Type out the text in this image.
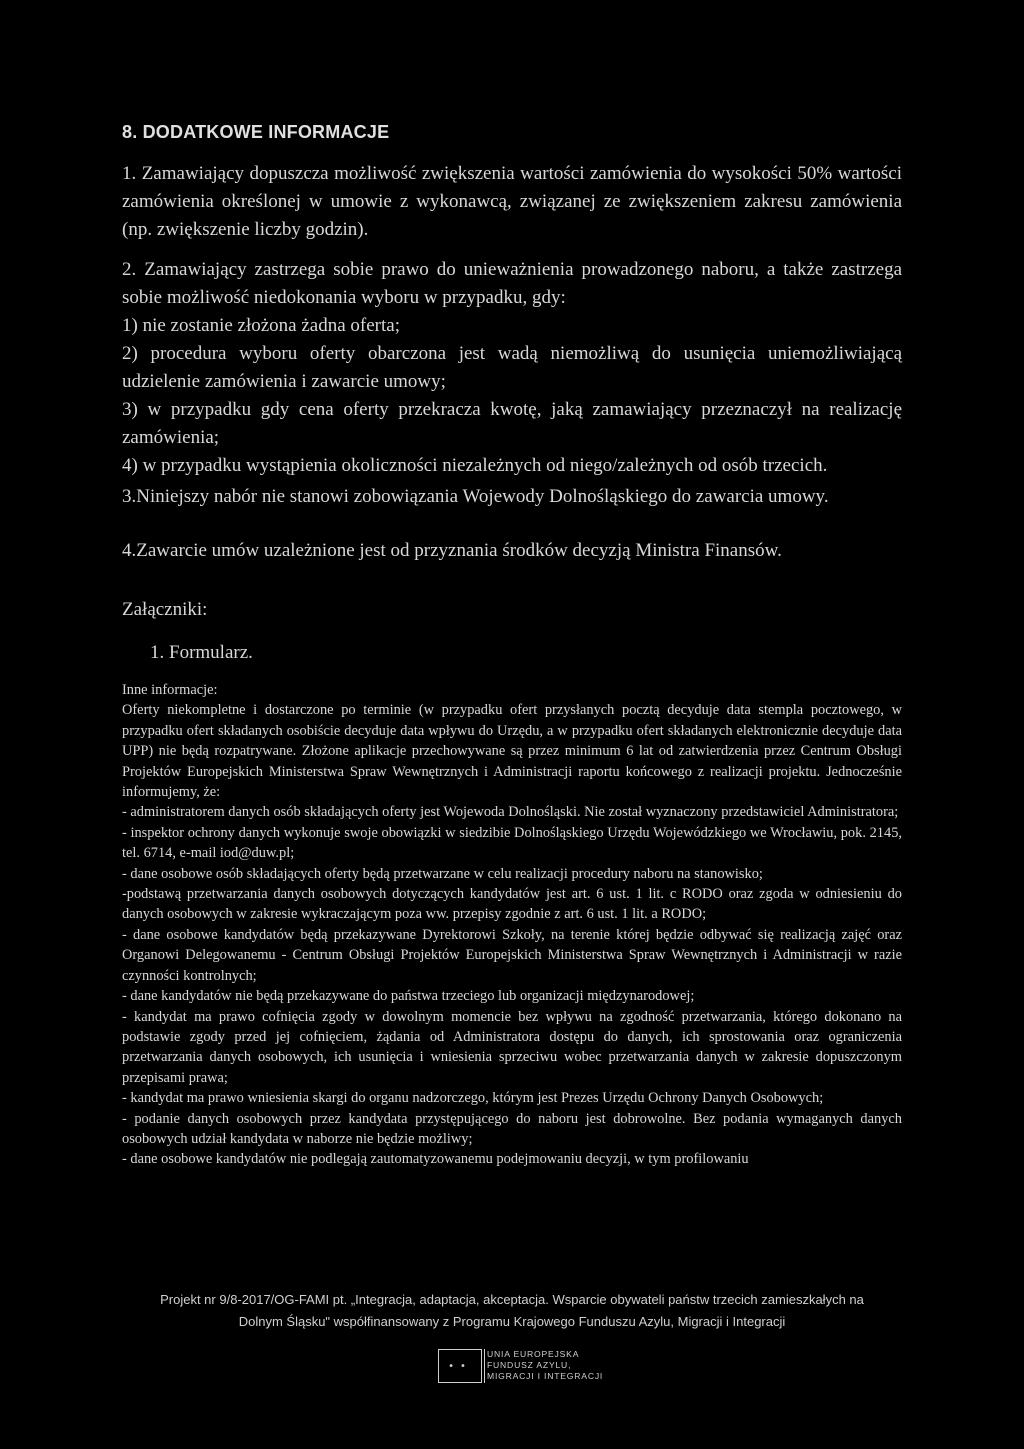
8. DODATKOWE INFORMACJE

1. Zamawiający dopuszcza możliwość zwiększenia wartości zamówienia do wysokości 50% wartości zamówienia określonej w umowie z wykonawcą, związanej ze zwiększeniem zakresu zamówienia (np. zwiększenie liczby godzin).

2. Zamawiający zastrzega sobie prawo do unieważnienia prowadzonego naboru, a także zastrzega sobie możliwość niedokonania wyboru w przypadku, gdy:

1) nie zostanie złożona żadna oferta;

2) procedura wyboru oferty obarczona jest wadą niemożliwą do usunięcia uniemożliwiającą udzielenie zamówienia i zawarcie umowy;

3) w przypadku gdy cena oferty przekracza kwotę, jaką zamawiający przeznaczył na realizację zamówienia;

4) w przypadku wystąpienia okoliczności niezależnych od niego/zależnych od osób trzecich.

3.Niniejszy nabór nie stanowi zobowiązania Wojewody Dolnośląskiego do zawarcia umowy.

4.Zawarcie umów uzależnione jest od przyznania środków decyzją Ministra Finansów.

Załączniki:

1. Formularz.

Inne informacje:

Oferty niekompletne i dostarczone po terminie (w przypadku ofert przysłanych pocztą decyduje data stempla pocztowego, w przypadku ofert składanych osobiście decyduje data wpływu do Urzędu, a w przypadku ofert składanych elektronicznie decyduje data UPP) nie będą rozpatrywane. Złożone aplikacje przechowywane są przez minimum 6 lat od zatwierdzenia przez Centrum Obsługi Projektów Europejskich Ministerstwa Spraw Wewnętrznych i Administracji raportu końcowego z realizacji projektu. Jednocześnie informujemy, że:

- administratorem danych osób składających oferty jest Wojewoda Dolnośląski. Nie został wyznaczony przedstawiciel Administratora;

- inspektor ochrony danych wykonuje swoje obowiązki w siedzibie Dolnośląskiego Urzędu Wojewódzkiego we Wrocławiu, pok. 2145, tel. 6714, e-mail iod@duw.pl;

- dane osobowe osób składających oferty będą przetwarzane w celu realizacji procedury naboru na stanowisko;

-podstawą przetwarzania danych osobowych dotyczących kandydatów jest art. 6 ust. 1 lit. c RODO oraz zgoda w odniesieniu do danych osobowych w zakresie wykraczającym poza ww. przepisy zgodnie z art. 6 ust. 1 lit. a RODO;

- dane osobowe kandydatów będą przekazywane Dyrektorowi Szkoły, na terenie której będzie odbywać się realizacją zajęć oraz Organowi Delegowanemu - Centrum Obsługi Projektów Europejskich Ministerstwa Spraw Wewnętrznych i Administracji w razie czynności kontrolnych;

- dane kandydatów nie będą przekazywane do państwa trzeciego lub organizacji międzynarodowej;

- kandydat ma prawo cofnięcia zgody w dowolnym momencie bez wpływu na zgodność przetwarzania, którego dokonano na podstawie zgody przed jej cofnięciem, żądania od Administratora dostępu do danych, ich sprostowania oraz ograniczenia przetwarzania danych osobowych, ich usunięcia i wniesienia sprzeciwu wobec przetwarzania danych w zakresie dopuszczonym przepisami prawa;

- kandydat ma prawo wniesienia skargi do organu nadzorczego, którym jest Prezes Urzędu Ochrony Danych Osobowych;

- podanie danych osobowych przez kandydata przystępującego do naboru jest dobrowolne. Bez podania wymaganych danych osobowych udział kandydata w naborze nie będzie możliwy;

- dane osobowe kandydatów nie podlegają zautomatyzowanemu podejmowaniu decyzji, w tym profilowaniu

Projekt nr 9/8-2017/OG-FAMI pt. „Integracja, adaptacja, akceptacja. Wsparcie obywateli państw trzecich zamieszkałych na
Dolnym Śląsku" współfinansowany z Programu Krajowego Funduszu Azylu, Migracji i Integracji
••
UNIA EUROPEJSKA
FUNDUSZ AZYLU,
MIGRACJI I INTEGRACJI
